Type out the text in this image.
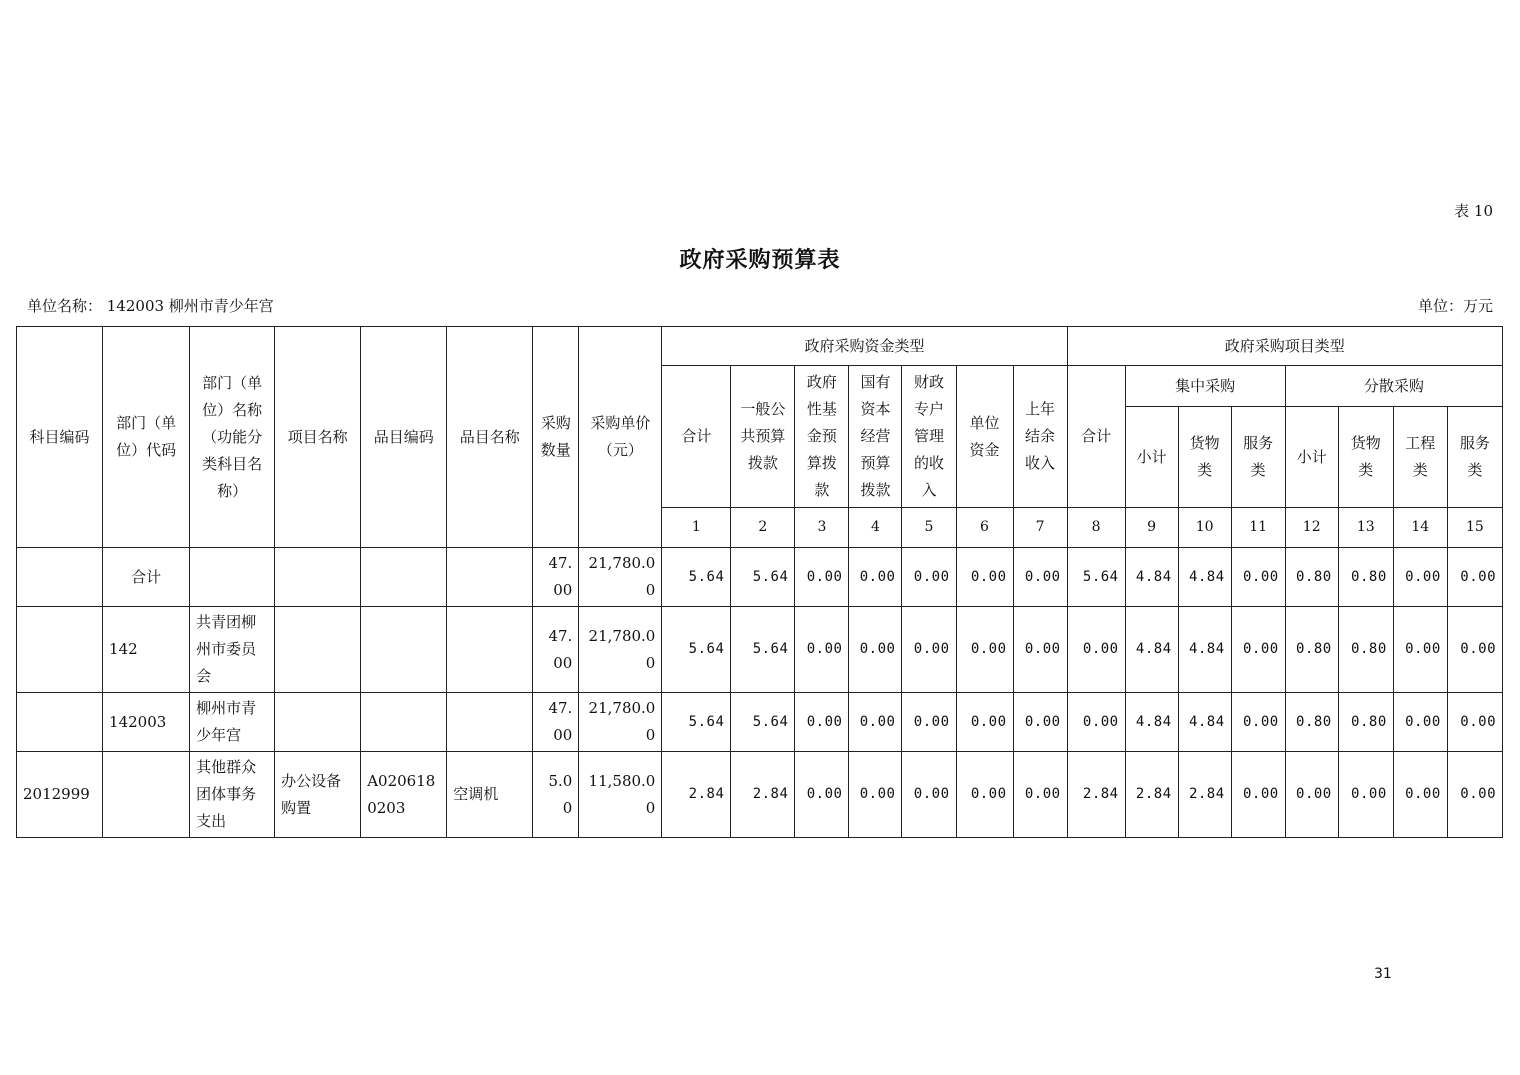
表 10
政府采购预算表
单位名称： 142003 柳州市青少年宫	单位：万元
科目编码	部门（单位）代码	部门（单位）名称（功能分类科目名称）	项目名称	品目编码	品目名称	采购数量	采购单价（元）	政府采购资金类型							政府采购项目类型							
								合计	一般公共预算拨款	政府性基金预算拨款	国有资本经营预算拨款	财政专户管理的收入	单位资金	上年结余收入	合计	集中采购			分散采购			
																小计	货物类	服务类	小计	货物类	工程类	服务类
								1	2	3	4	5	6	7	8	9	10	11	12	13	14	15
	合计					47.00	21,780.00	5.64	5.64	0.00	0.00	0.00	0.00	0.00	5.64	4.84	4.84	0.00	0.80	0.80	0.00	0.00
	142	共青团柳州市委员会				47.00	21,780.00	5.64	5.64	0.00	0.00	0.00	0.00	0.00	0.00	4.84	4.84	0.00	0.80	0.80	0.00	0.00
	142003	柳州市青少年宫				47.00	21,780.00	5.64	5.64	0.00	0.00	0.00	0.00	0.00	0.00	4.84	4.84	0.00	0.80	0.80	0.00	0.00
2012999		其他群众团体事务支出	办公设备购置	A0206180203	空调机	5.00	11,580.00	2.84	2.84	0.00	0.00	0.00	0.00	0.00	2.84	2.84	2.84	0.00	0.00	0.00	0.00	0.00
31
